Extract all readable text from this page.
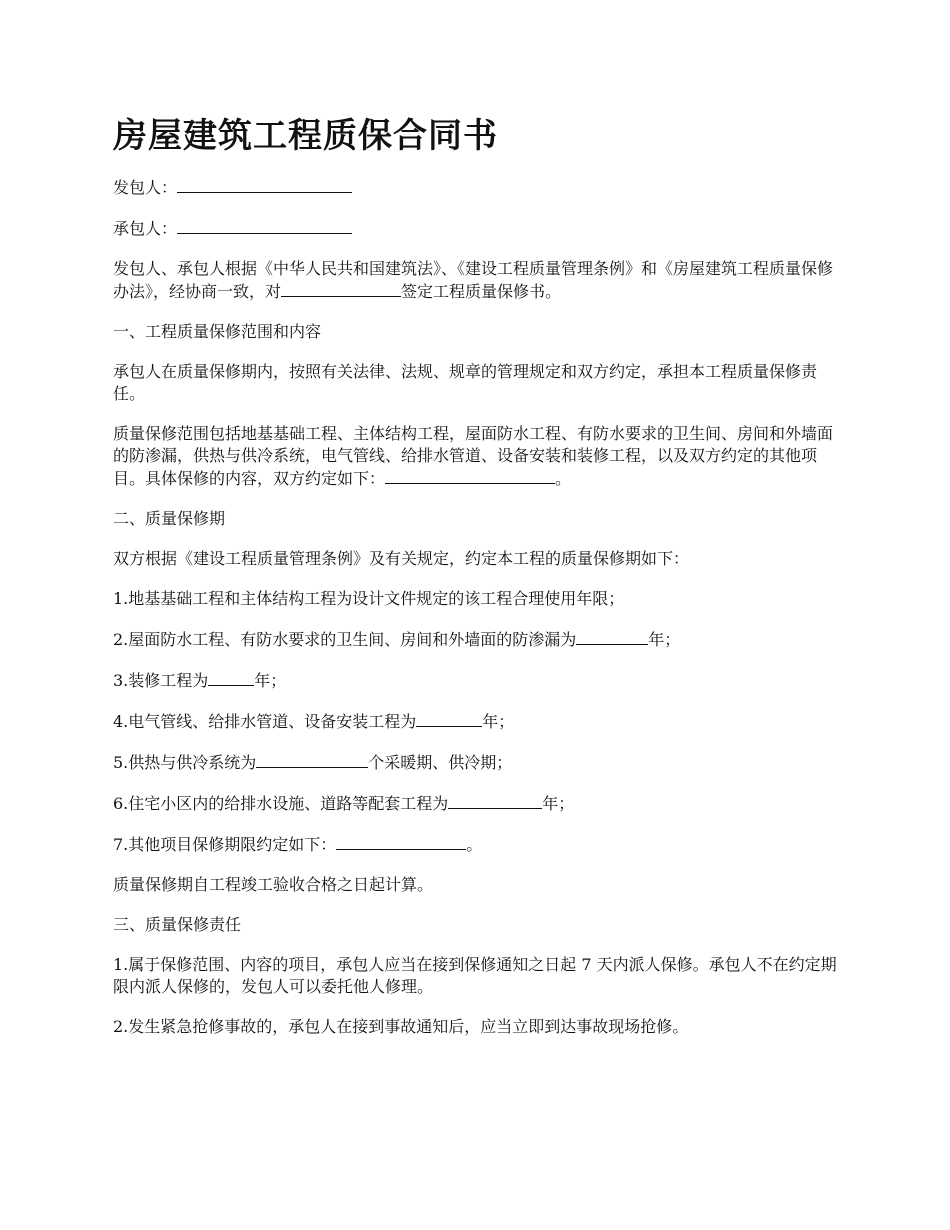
房屋建筑工程质保合同书

发包人：

承包人：

发包人、承包人根据《中华人民共和国建筑法》、《建设工程质量管理条例》和《房屋建筑工程质量保修办法》，经协商一致，对	签定工程质量保修书。

一、工程质量保修范围和内容

承包人在质量保修期内，按照有关法律、法规、规章的管理规定和双方约定，承担本工程质量保修责任。

质量保修范围包括地基基础工程、主体结构工程，屋面防水工程、有防水要求的卫生间、房间和外墙面的防渗漏，供热与供冷系统，电气管线、给排水管道、设备安装和装修工程，以及双方约定的其他项目。具体保修的内容，双方约定如下：	。

二、质量保修期

双方根据《建设工程质量管理条例》及有关规定，约定本工程的质量保修期如下：

1.地基基础工程和主体结构工程为设计文件规定的该工程合理使用年限；

2.屋面防水工程、有防水要求的卫生间、房间和外墙面的防渗漏为	年；

3.装修工程为	年；

4.电气管线、给排水管道、设备安装工程为	年；

5.供热与供冷系统为	个采暖期、供冷期；

6.住宅小区内的给排水设施、道路等配套工程为	年；

7.其他项目保修期限约定如下：	。

质量保修期自工程竣工验收合格之日起计算。

三、质量保修责任

1.属于保修范围、内容的项目，承包人应当在接到保修通知之日起 7 天内派人保修。承包人不在约定期限内派人保修的，发包人可以委托他人修理。

2.发生紧急抢修事故的，承包人在接到事故通知后，应当立即到达事故现场抢修。
